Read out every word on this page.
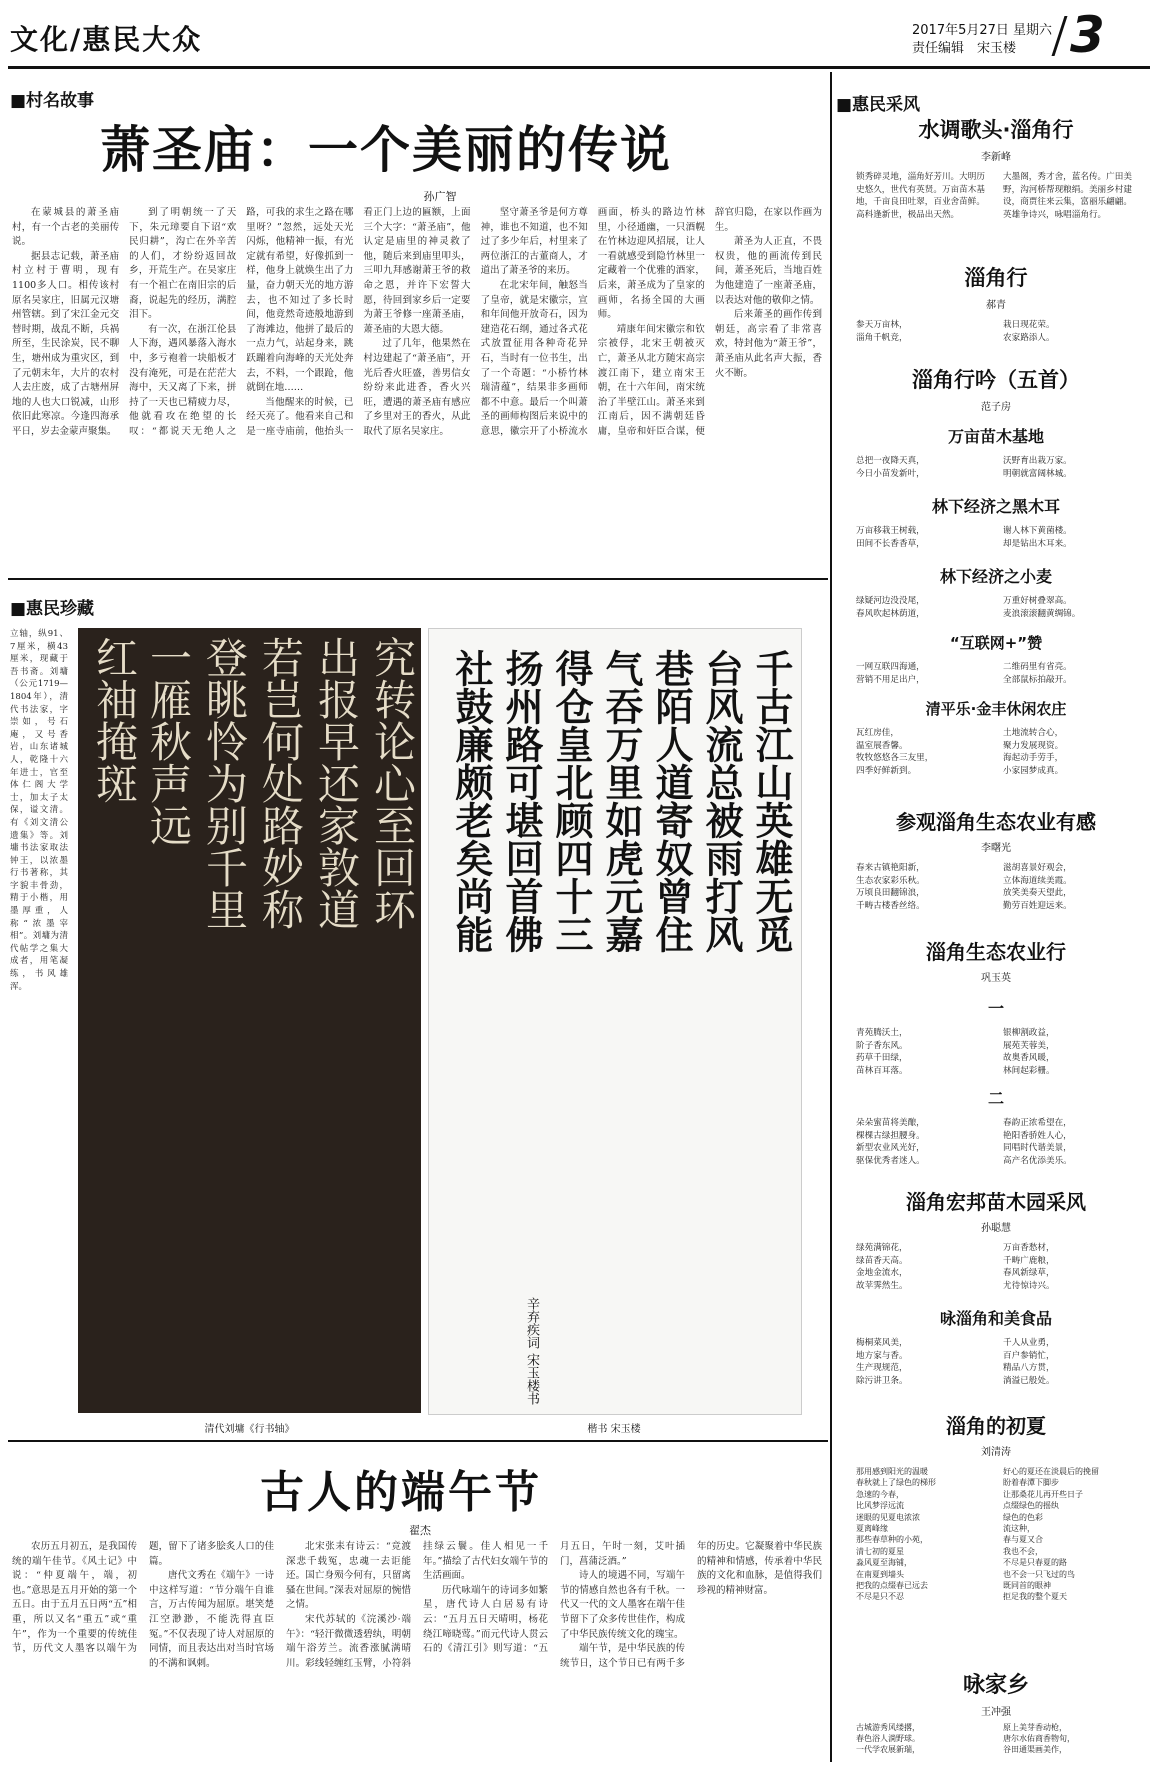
文化/惠民大众	2017年5月27日 星期六
责任编辑　宋玉楼	3
■村名故事
萧圣庙：一个美丽的传说
孙广智

在蒙城县的萧圣庙村，有一个古老的美丽传说。

据县志记载，萧圣庙村立村于曹明，现有1100多人口。相传该村原名吴家庄，旧属元汉塘州管辖。到了宋江金元交替时期，战乱不断，兵祸所至，生民涂炭，民不聊生，塘州成为重灾区，到了元朝末年，大片的农村人去庄废，成了古塘州屏地的人也大口锐减，山形依旧此寒凉。今逢四海承平日，岁去金蒙声聚集。

到了明朝统一了天下，朱元璋要自下诏“欢民归耕”，沟亡在外辛苦的人们，才纷纷返回故乡，开荒生产。在吴家庄有一个祖亡在南旧宗的后裔，说起先的经历，满腔泪下。

有一次，在浙江伦县人下海，遇风暴落入海水中，多亏袍着一块船板才没有淹死，可是在茫茫大海中，天又离了下来，拼持了一天也已精疲力尽，他就看攻在绝望的长叹：“都说天无绝人之路，可我的求生之路在哪里呀？”忽然，远处天光闪烁，他精神一振，有光定就有希望，好像抓到一样，他身上就焕生出了力量，奋力朝天光的地方游去，也不知过了多长时间，他竟然奇迹般地游到了海滩边，他拼了最后的一点力气，站起身来，跳跃蹦着向海峰的天光处奔去，不料，一个跟跄，他就倒在地……

当他醒来的时候，已经天亮了。他看来自己和是一座寺庙前，他抬头一看正门上边的匾额，上面三个大字：“萧圣庙”，他认定是庙里的神灵救了他，随后来到庙里叩头，三叩九拜感谢萧王爷的救命之恩，并许下宏誓大愿，待回到家乡后一定要为萧王爷修一座萧圣庙，萧圣庙的大恩大德。

过了几年，他果然在村边建起了“萧圣庙”，开光后香火旺盛，善男信女纷纷来此进香，香火兴旺，遭遇的萧圣庙有感应了乡里对王的香火，从此取代了原名吴家庄。

坚守萧圣爷是何方尊神，谁也不知道，也不知过了多少年后，村里来了两位浙江的古董商人，才道出了萧圣爷的来历。

在北宋年间，触怒当了皇帝，就是宋徽宗，宣和年间他开放奇石，因为建造花石纲，通过各式花式放置征用各种奇花异石，当时有一位书生，出了一个奇题：“小桥竹林瑞清蕴”，结果非多画师都不中意。最后一个叫萧圣的画师构图后来说中的意思，徽宗开了小桥流水画面，桥头的路边竹林里，小径通幽，一只酒幌在竹林边迎风招展，让人一看就感受到隐竹林里一定藏着一个优雅的酒家，后来，萧圣成为了皇家的画师，名扬全国的大画师。

靖康年间宋徽宗和钦宗被俘，北宋王朝被灭亡，萧圣从北方随宋高宗渡江南下，建立南宋王朝，在十六年间，南宋统治了半壁江山。萧圣来到江南后，因不满朝廷昏庸，皇帝和奸臣合谋，便辞官归隐，在家以作画为生。

萧圣为人正直，不畏权贵，他的画流传到民间，萧圣死后，当地百姓为他建造了一座萧圣庙，以表达对他的敬仰之情。

后来萧圣的画作传到朝廷，高宗看了非常喜欢，特封他为“萧王爷”，萧圣庙从此名声大振，香火不断。

■惠民珍藏
立轴，纵91、7厘米，横43厘米，现藏于吾书斋。刘墉（公元1719—1804年），清代书法家，字崇如，号石庵，又号香岩，山东诸城人，乾隆十六年进士，官至体仁阁大学士，加太子太保，谥文清。有《刘文清公遗集》等。刘墉书法家取法钟王，以浓墨行书著称，其字貌丰骨劲，精于小楷，用墨厚重，人称“浓墨宰相”。刘墉为清代帖学之集大成者，用笔凝练，书风雄浑。
究转论心至回环
出报早还家敦道
若岂何处路妙称
登眺怜为别千里
一雁秋声远
红袖掩斑
清代刘墉《行书轴》
千古江山英雄无觅
台风流总被雨打风
巷陌人道寄奴曾住
气吞万里如虎元嘉
得仓皇北顾四十三
扬州路可堪回首佛
社鼓廉颇老矣尚能
辛弃疾词 宋玉楼书
楷书 宋玉楼
古人的端午节
翟杰

农历五月初五，是我国传统的端午佳节。《风土记》中说：“仲夏端午，端，初也。”意思是五月开始的第一个五日。由于五月五日两“五”相重，所以又名“重五”或“重午”，作为一个重要的传统佳节，历代文人墨客以端午为题，留下了诸多脍炙人口的佳篇。

唐代文秀在《端午》一诗中这样写道：“节分端午自谁言，万古传闻为屈原。堪笑楚江空渺渺，不能洗得直臣冤。”不仅表现了诗人对屈原的同情，而且表达出对当时官场的不满和讽刺。

北宋张耒有诗云：“竞渡深悲千载冤，忠魂一去讵能还。国亡身殒今何有，只留离骚在世间。”深表对屈原的惋惜之情。

宋代苏轼的《浣溪沙·端午》：“轻汗微微透碧纨，明朝端午浴芳兰。流香涨腻满晴川。彩线轻缠红玉臂，小符斜挂绿云鬟。佳人相见一千年。”描绘了古代妇女端午节的生活画面。

历代咏端午的诗词多如繁星，唐代诗人白居易有诗云：“五月五日天晴明，杨花绕江啼晓莺。”而元代诗人贯云石的《清江引》则写道：“五月五日，午时一刻，艾叶插门，菖蒲泛酒。”

诗人的境遇不同，写端午节的情感自然也各有千秋。一代又一代的文人墨客在端午佳节留下了众多传世佳作，构成了中华民族传统文化的瑰宝。

端午节，是中华民族的传统节日，这个节日已有两千多年的历史。它凝聚着中华民族的精神和情感，传承着中华民族的文化和血脉，是值得我们珍视的精神财富。

■惠民采风
水调歌头·淄角行
李新峰
锁秀碎灵地，淄角好芳川。大明历史悠久，世代有英贤。万亩苗木基地，千亩良田吐翠，百业舍苗鲜。高科逢新世，极品出天然。
大墨阁，秀才舍，蓝名传。广田美野，沟河桥帮现粮绢。美丽乡村建设，商贾往来云集，富丽乐翩翩。英雄争诗兴，咏唱淄角行。
淄角行
郝青
参天万亩林，	栽日现花荣。
淄角千帆竞，	农家路添人。
淄角行吟（五首）
范子房
万亩苗木基地
总把一夜降天真，	沃野育出栽万家。
今日小苗发新叶，	明朝就富阔林城。
林下经济之黑木耳
万亩移栽王树载，	谢人林下黄菌楼。
田间不长香香草，	却是钻出木耳来。
林下经济之小麦
绿疑河边没没尾，	万重好树叠翠高。
春风吹起林荫道，	麦浪滚滚翻黄绸锦。
“互联网+”赞
一网互联四海通，	二维码里有省亮。
营销不用足出户，	全部鼠标拍敲开。
清平乐·金丰休闲农庄
瓦红房佳，	土地流转合心，
温室展香馨。	聚力发展现资。
牧牧悠悠各三友里，	海起动手劳手，
四季好鲜新到。	小家园梦成真。
参观淄角生态农业有感
李曙光
春来古镇艳阳新，	滋胡喜景好观会，
生态农家彩乐秋。	立体海道续美霞。
万顷良田翻锦浪，	放笑美奏天望此，
千畴古楼香丝络。	勤劳百姓迎远来。
淄角生态农业行
巩玉英
一
青苑腾沃土，	银柳割政益，
阶子香东风。	展苑芙蓉美，
药草千田绿，	故奥香风暖，
苗林百耳落。	林间起彩栅。
二
朵朵蜜苗将美酿，	春韵正浓希望在，
棵棵古绿担腰身。	艳阳香骄姓人心，
新型农业风光好，	同唱时代谐美景，
驱保优秀者迷人。	高产名优添美乐。
淄角宏邦苗木园采风
孙聪慧
绿苑满锦花，	万亩香愁材，
绿苗香天高。	千畴广鹿粮，
金地金流水，	春风新绿草，
故苹霁然生。	尤待惊诗兴。
咏淄角和美食品
梅桐菜风美，	千人从业勇，
地方家与香。	百户参销忙，
生产现规范，	精品八方贯，
除污讲卫条。	淌溢已般处。
淄角的初夏
刘清涛
那用感到阳光的温暖	好心的夏还在淡晨后的挽留
春秋就上了绿色的梯形	盼着春潭下脚步
急速的今春，	让那桑花儿再开些日子
比风梦浮远流	点缀绿色的摇纨
迷眼的见夏电浓浓	绿色的色彩
夏离峰缘	流这种，
那些春草种的小苑，	春与夏又合
清七初的夏星	我也不会，
淼风夏至海铺，	不尽是只春夏的路
在南夏到墙头	也不会一只飞过的鸟
把我的点缀春已远去	既同首的眼神
不尽是只不忍	拒足我的整个夏天
咏家乡
王冲强
古城游秀风缕撂，	原上美芽香动枪，
春色浴人淌野球。	唐尔水佑商香物旬，
一代学农展新瑞，	谷田通渠画美作，
